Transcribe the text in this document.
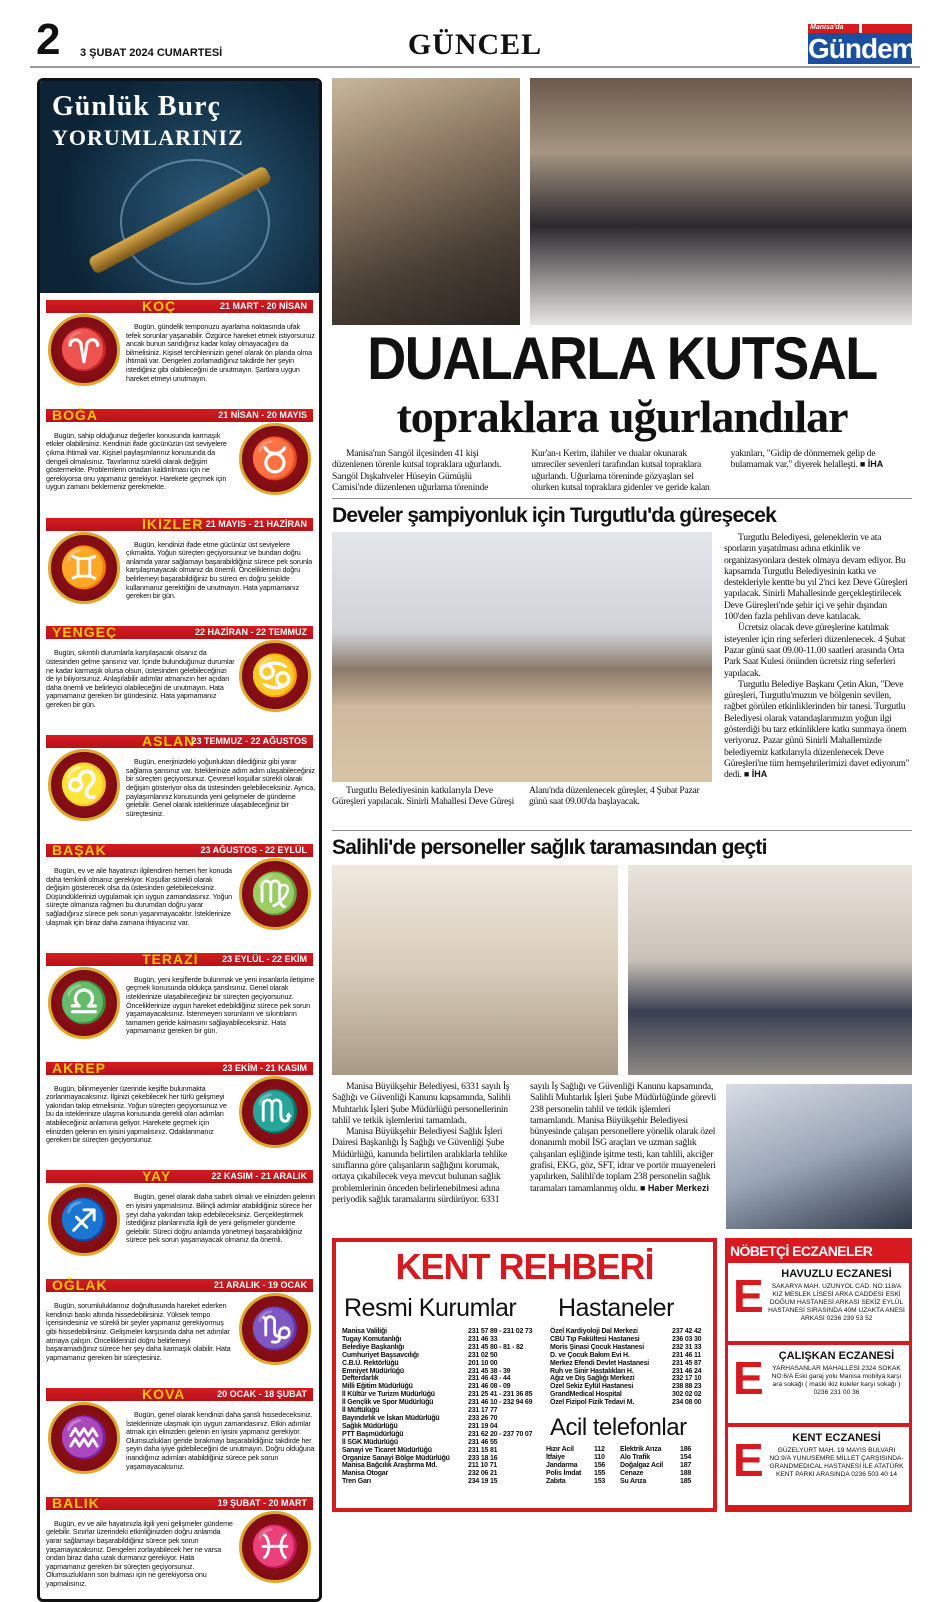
2 3 ŞUBAT 2024 CUMARTESİ	GÜNCEL
Manisa'da
Gündem
Günlük Burç
YORUMLARINIZ
KOÇ	21 MART - 20 NİSAN
♈
Bugün, gündelik temponuzu ayarlama noktasında ufak tefek sorunlar yaşanabilir. Özgürce hareket etmek istiyorsunuz ancak bunun sandığınız kadar kolay olmayacağını da bilmelisiniz. Kişisel tercihlerinizin genel olarak ön planda olma ihtimali var. Dengeleri zorlamadığınız takdirde her şeyin istediğiniz gibi olabileceğini de unutmayın. Şartlara uygun hareket etmeyi unutmayın.
BOĞA	21 NİSAN - 20 MAYIS
♉
Bugün, sahip olduğunuz değerler konusunda karmaşık etkiler olabilirsiniz. Kendinizi ifade gücünüzün üst seviyelere çıkma ihtimali var. Kişisel paylaşımlarınız konusunda da dengeli olmalısınız. Tavırlarınız sürekli olarak değişim göstermekte. Problemlerin ortadan kaldırılması için ne gerekiyorsa onu yapmanız gerekiyor. Harekete geçmek için uygun zamanı beklemeniz gerekmekte.
İKİZLER 21 MAYIS - 21 HAZİRAN
♊
Bugün, kendinizi ifade etme gücünüz üst seviyelere çıkmakta. Yoğun süreçten geçiyorsunuz ve bundan doğru anlamda yarar sağlamayı başarabildiğiniz sürece pek sorunla karşılaşmayacak olmanız da önemli. Önceliklerinizi doğru belirlemeyi başarabildiğiniz bu süreci en doğru şekilde kullanmanız gerektiğini de unutmayın. Hata yapmamanız gereken bir gün.
YENGEÇ	22 HAZİRAN - 22 TEMMUZ
♋
Bugün, sıkıntılı durumlarla karşılaşacak olsanız da üstesinden gelme şansınız var. İçinde bulunduğunuz durumlar ne kadar karmaşık olursa olsun, üstesinden gelebileceğinizi de iyi biliyorsunuz. Anlaşılabilir adımlar atmanızın her açıdan daha önemli ve belirleyici olabileceğini de unutmayın. Hata yapmamanız gereken bir gündesiniz. Hata yapmamanız gereken bir gün.
ASLAN
23 TEMMUZ - 22 AĞUSTOS
♌
Bugün, enerjinizdeki yoğunluktan dilediğiniz gibi yarar sağlama şansınız var. İsteklerinize adım adım ulaşabileceğiniz bir süreçten geçiyorsunuz. Çevresel koşullar sürekli olarak değişim gösteriyor olsa da üstesinden gelebileceksiniz. Ayrıca, paylaşımlarınız konusunda yeni gelişmeler de gündeme gelebilir. Genel olarak isteklerinize ulaşabileceğiniz bir süreçtesiniz.
BAŞAK	23 AĞUSTOS - 22 EYLÜL
♍
Bugün, ev ve aile hayatınızı ilgilendiren hemen her konuda daha temkinli olmanız gerekiyor. Koşullar sürekli olarak değişim gösterecek olsa da üstesinden gelebileceksiniz. Düşündüklerinizi uygulamak için uygun zamandasınız. Yoğun süreçte olmanıza rağmen bu durumdan doğru yarar sağladığınız sürece pek sorun yaşanmayacaktır. İsteklerinize ulaşmak için biraz daha zamana ihtiyacınız var.
TERAZİ	23 EYLÜL - 22 EKİM
♎
Bugün, yeni keşiflerde bulunmak ve yeni insanlarla iletişime geçmek konusunda oldukça şanslısınız. Genel olarak isteklerinize ulaşabileceğiniz bir süreçten geçiyorsunuz. Önceliklerinize uygun hareket edebildiğiniz sürece pek sorun yaşamayacaksınız. İstenmeyen sorunların ve sıkıntıların tamamen geride kalmasını sağlayabileceksiniz. Hata yapmamanız gereken bir gün.
AKREP	23 EKİM - 21 KASIM
♏
Bugün, bilinmeyenler üzerinde keşifte bulunmakta zorlanmayacaksınız. İlginizi çekebilecek her türlü gelişmeyi yakından takip etmelisiniz. Yoğun süreçten geçiyorsunuz ve bu da isteklerinize ulaşma konusunda gerekli olan adımları atabileceğiniz anlamına geliyor. Harekete geçmek için elinizden gelenin en iyisini yapmalısınız. Odaklanmanız gereken bir süreçten geçiyorsunuz.
YAY	22 KASIM - 21 ARALIK
♐
Bugün, genel olarak daha sabırlı olmalı ve elinizden gelenin en iyisini yapmalısınız. Bilinçli adımlar atabildiğiniz sürece her şeyi daha yakından takip edebileceksiniz. Gerçekleştirmek istediğiniz planlarınızla ilgili de yeni gelişmeler gündeme gelebilir. Süreci doğru anlamda yönetmeyi başarabildiğiniz sürece pek sorun yaşamayacak olmanız da önemli.
OĞLAK	21 ARALIK - 19 OCAK
♑
Bugün, sorumluluklarınız doğrultusunda hareket ederken kendinizi baskı altında hissedebilirsiniz. Yüksek tempo içerisindesiniz ve sürekli bir şeyler yapmanız gerekiyormuş gibi hissedebilirsiniz. Gelişmeler karşısında daha net adımlar atmaya çalışın. Önceliklerinizi doğru belirlemeyi başaramadığınız sürece her şey daha karmaşık olabilir. Hata yapmamanız gereken bir süreçtesiniz.
KOVA	20 OCAK - 18 ŞUBAT
♒
Bugün, genel olarak kendinizi daha şanslı hissedeceksiniz. İsteklerinize ulaşmak için uygun zamandasınız. Etkin adımlar atmak için elinizden gelenin en iyisini yapmanız gerekiyor. Olumsuzlukları geride bırakmayı başarabildiğiniz takdirde her şeyin daha iyiye gidebileceğini de unutmayın. Doğru olduğuna inandığınız adımları atabildiğiniz sürece pek sorun yaşamayacaksınız.
BALIK	19 ŞUBAT - 20 MART
♓
Bugün, ev ve aile hayatınızla ilgili yeni gelişmeler gündeme gelebilir. Sınırlar üzerindeki etkinliğinizden doğru anlamda yarar sağlamayı başarabildiğiniz sürece pek sorun yaşamayacaksınız. Dengeleri zorlayabilecek her ne varsa ondan biraz daha uzak durmanız gerekiyor. Hata yapmamanız gereken bir süreçten geçiyorsunuz. Olumsuzlukların son bulması için ne gerekiyorsa onu yapmalısınız.
DUALARLA KUTSAL
topraklara uğurlandılar

Manisa'nın Sarıgöl ilçesinden 41 kişi düzenlenen törenle kutsal topraklara uğurlandı. Sarıgöl Dışkahveler Hüseyin Gümüşlü Camisi'nde düzenlenen uğurlama töreninde Kur'an-ı Kerim, ilahiler ve dualar okunarak umreciler sevenleri tarafından kutsal topraklara uğurlandı. Uğurlama töreninde gözyaşları sel olurken kutsal topraklara gidenler ve geride kalan yakınları, "Gidip de dönmemek gelip de bulamamak var." diyerek helalleşti. ■ İHA

Develer şampiyonluk için Turgutlu'da güreşecek

Turgutlu Belediyesinin katkılarıyla Deve Güreşleri yapılacak. Sinirli Mahallesi Deve Güreşi Alanı'nda düzenlenecek güreşler, 4 Şubat Pazar günü saat 09.00'da başlayacak.

Turgutlu Belediyesi, geleneklerin ve ata sporların yaşatılması adına etkinlik ve organizasyonlara destek olmaya devam ediyor. Bu kapsamda Turgutlu Belediyesinin katkı ve destekleriyle kentte bu yıl 2'nci kez Deve Güreşleri yapılacak. Sinirli Mahallesinde gerçekleştirilecek Deve Güreşleri'nde şehir içi ve şehir dışından 100'den fazla pehlivan deve katılacak.

Ücretsiz olacak deve güreşlerine katılmak isteyenler için ring seferleri düzenlenecek. 4 Şubat Pazar günü saat 09.00-11.00 saatleri arasında Orta Park Saat Kulesi önünden ücretsiz ring seferleri yapılacak.

Turgutlu Belediye Başkanı Çetin Akın, "Deve güreşleri, Turgutlu'muzun ve bölgenin sevilen, rağbet görülen etkinliklerinden bir tanesi. Turgutlu Belediyesi olarak vatandaşlarımızın yoğun ilgi gösterdiği bu tarz etkinliklere katkı sunmaya önem veriyoruz. Pazar günü Sinirli Mahallemizde belediyemiz katkılarıyla düzenlenecek Deve Güreşleri'ne tüm hemşehrilerimizi davet ediyorum" dedi. ■ İHA

Salihli'de personeller sağlık taramasından geçti

Manisa Büyükşehir Belediyesi, 6331 sayılı İş Sağlığı ve Güvenliği Kanunu kapsamında, Salihli Muhtarlık İşleri Şube Müdürlüğü personellerinin tahlil ve tetkik işlemlerini tamamladı.

Manisa Büyükşehir Belediyesi Sağlık İşleri Dairesi Başkanlığı İş Sağlığı ve Güvenliği Şube Müdürlüğü, kanunda belirtilen aralıklarla tehlike sınıflarına göre çalışanların sağlığını korumak, ortaya çıkabilecek veya mevcut bulunan sağlık problemlerinin önceden belirlenebilmesi adına periyodik sağlık taramalarını sürdürüyor. 6331 sayılı İş Sağlığı ve Güvenliği Kanunu kapsamında, Salihli Muhtarlık İşleri Şube Müdürlüğünde görevli 238 personelin tahlil ve tetkik işlemleri tamamlandı. Manisa Büyükşehir Belediyesi bünyesinde çalışan personellere yönelik olarak özel donanımlı mobil İSG araçları ve uzman sağlık çalışanları eşliğinde işitme testi, kan tahlili, akciğer grafisi, EKG, göz, SFT, idrar ve portör muayeneleri yapılırken, Salihli'de toplam 238 personelin sağlık taramaları tamamlanmış oldu. ■ Haber Merkezi

KENT REHBERİ
Resmi Kurumlar Hastaneler
Manisa Valiliği	231 57 89 - 231 02 73
Tugay Komutanlığı	231 46 33
Belediye Başkanlığı	231 45 80 - 81 - 82
Cumhuriyet Başsavcılığı	231 02 50
C.B.Ü. Rektörlüğü	201 10 00
Emniyet Müdürlüğü	231 45 38 - 39
Defterdarlık	231 46 43 - 44
Milli Eğitim Müdürlüğü	231 46 08 - 09
İl Kültür ve Turizm Müdürlüğü	231 25 41 - 231 36 85
İl Gençlik ve Spor Müdürlüğü	231 46 10 - 232 94 69
İl Müftülüğü	231 17 77
Bayındırlık ve İskan Müdürlüğü	233 26 70
Sağlık Müdürlüğü	231 19 04
PTT Başmüdürlüğü	231 62 20 - 237 70 07
İl SGK Müdürlüğü	231 46 55
Sanayi ve Ticaret Müdürlüğü	231 15 81
Organize Sanayi Bölge Müdürlüğü	233 18 16
Manisa Bağcılık Araştırma Md.	211 10 71
Manisa Otogar	232 06 21
Tren Garı	234 19 15
Özel Kardiyoloji Dal Merkezi	237 42 42
CBÜ Tıp Fakültesi Hastanesi	236 03 30
Moris Şinasi Çocuk Hastanesi	232 31 33
D. ve Çocuk Bakım Evi H.	231 46 11
Merkez Efendi Devlet Hastanesi	231 45 87
Ruh ve Sinir Hastalıkları H.	231 46 24
Ağız ve Diş Sağlığı Merkezi	232 17 10
Özel Sekiz Eylül Hastanesi	238 88 23
GrandMedical Hospital	302 02 02
Özel Fizipol Fizik Tedavi M.	234 08 00
Acil telefonlar
Hızır Acil	112	Elektrik Arıza	186
İtfaiye	110	Alo Trafik	154
Jandarma	156	Doğalgaz Acil	187
Polis İmdat	155	Cenaze	188
Zabıta	153	Su Arıza	185
NÖBETÇİ ECZANELER
E	HAVUZLU ECZANESİ
SAKARYA MAH. UZUNYOL CAD. NO:118/A KIZ MESLEK LİSESİ ARKA CADDESİ ESKİ DOĞUM HASTANESİ ARKASI SEKİZ EYLÜL HASTANESİ SIRASINDA 40M UZAKTA ANESİ ARKASI 0236 239 53 52
E	ÇALIŞKAN ECZANESİ
YARHASANLAR MAHALLESİ 2324 SOKAK NO:6/A Eski garaj yolu Manisa mobilya karşı ara sokağı ( maski ikiz kuleler karşı sokağı ) 0236 231 00 36
E	KENT ECZANESİ
GÜZELYURT MAH. 19 MAYIS BULVARI NO:9/A YUNUSEMRE MİLLET ÇARŞISINDA-GRANDMEDICAL HASTANESİ İLE ATATÜRK KENT PARKI ARASINDA 0236 503 40 14
